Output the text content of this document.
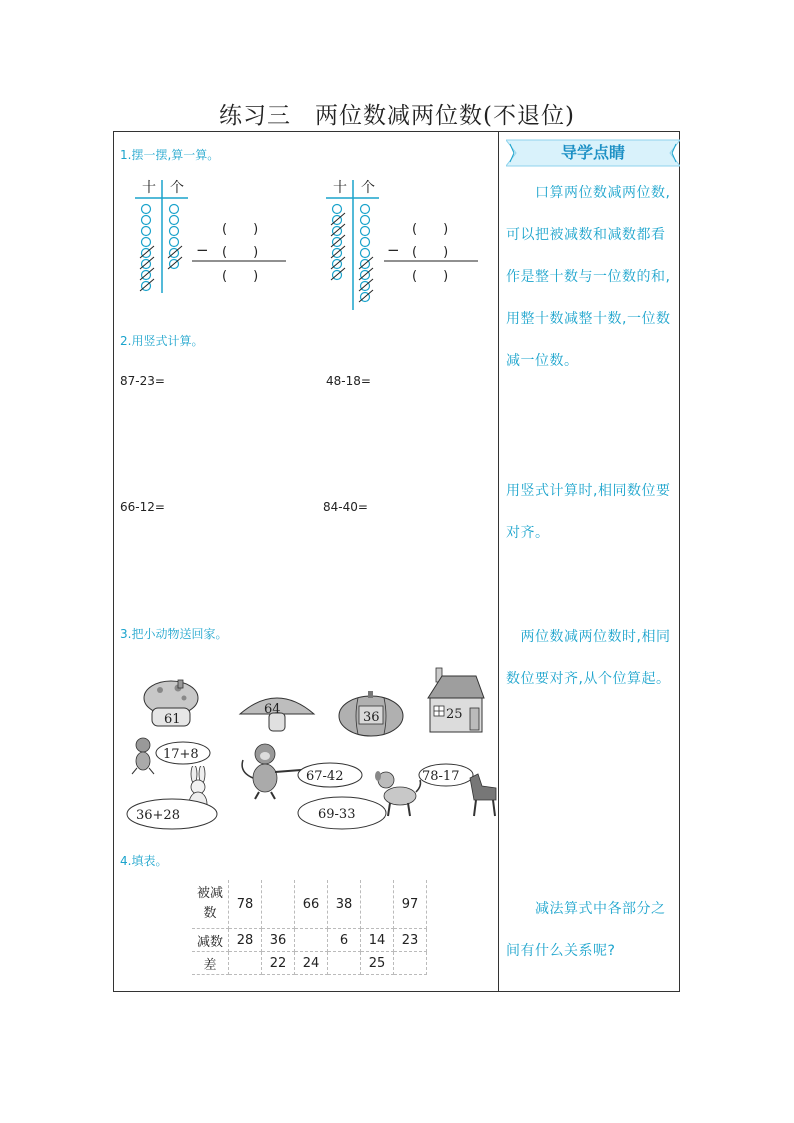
练习三　两位数减两位数(不退位)
1.摆一摆,算一算。
十 个
(　　)
− (　　)
(　　)
十 个
(　　)
− (　　)
(　　)
2.用竖式计算。
87-23=	48-18=
66-12=	84-40=
3.把小动物送回家。
61
64
36	25
17+8
67-42	78-17
36+28	69-33
4.填表。
被减数	78		66	38		97
减数	28	36		6	14	23
差		22	24		25	
导学点睛
　　口算两位数减两位数,可以把被减数和减数都看作是整十数与一位数的和,用整十数减整十数,一位数减一位数。
用竖式计算时,相同数位要对齐。
　两位数减两位数时,相同数位要对齐,从个位算起。
　　减法算式中各部分之间有什么关系呢?
